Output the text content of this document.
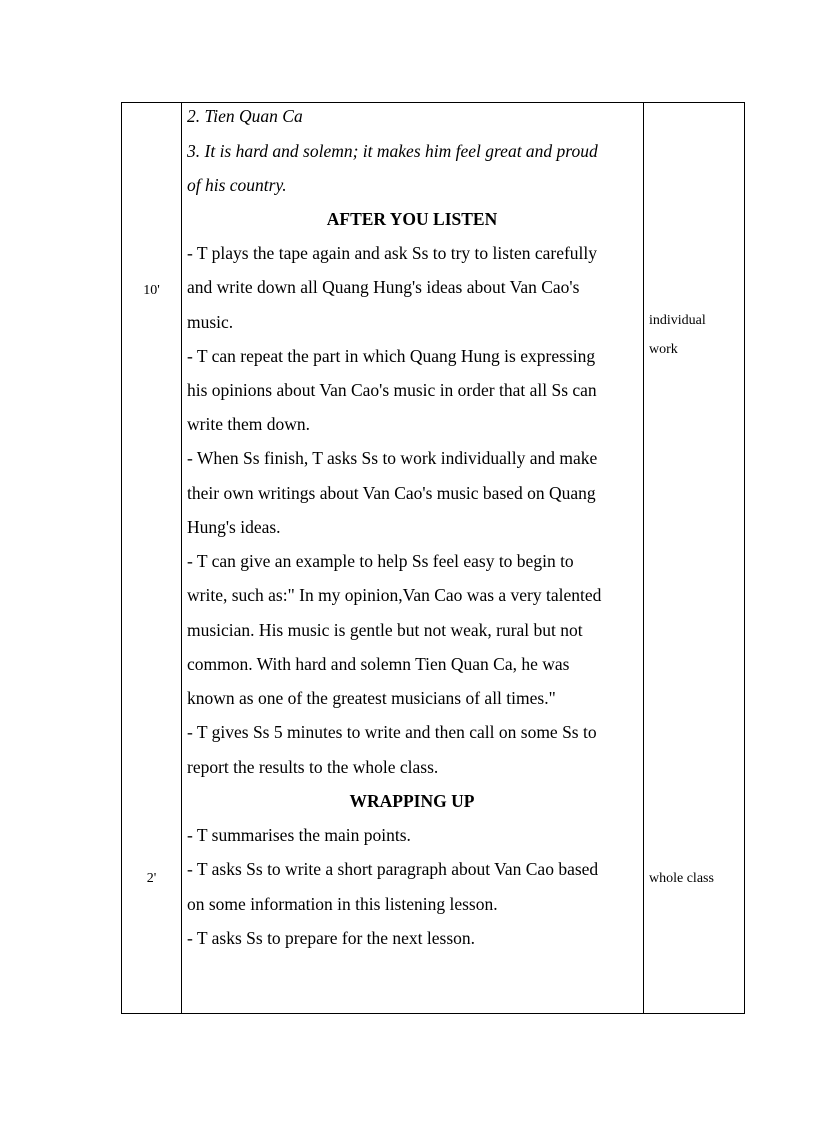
10'
2'
individual
work
whole class
2. Tien Quan Ca
3. It is hard and solemn; it makes him feel great and proud
of his country.
AFTER YOU LISTEN
- T plays the tape again and ask Ss to try to listen carefully
and write down all Quang Hung's ideas about Van Cao's
music.
- T can repeat the part in which Quang Hung is expressing
his opinions about Van Cao's music in order that all Ss can
write them down.
- When Ss finish, T asks Ss to work individually and make
their own writings about Van Cao's music based on Quang
Hung's ideas.
- T can give an example to help Ss feel easy to begin to
write, such as:" In my opinion,Van Cao was a very talented
musician. His music is gentle but not weak, rural but not
common. With hard and solemn Tien Quan Ca, he was
known as one of the greatest musicians of all times."
- T gives Ss 5 minutes to write and then call on some Ss to
report the results to the whole class.
WRAPPING UP
- T summarises the main points.
- T asks Ss to write a short paragraph about Van Cao based
on some information in this listening lesson.
- T asks Ss to prepare for the next lesson.
